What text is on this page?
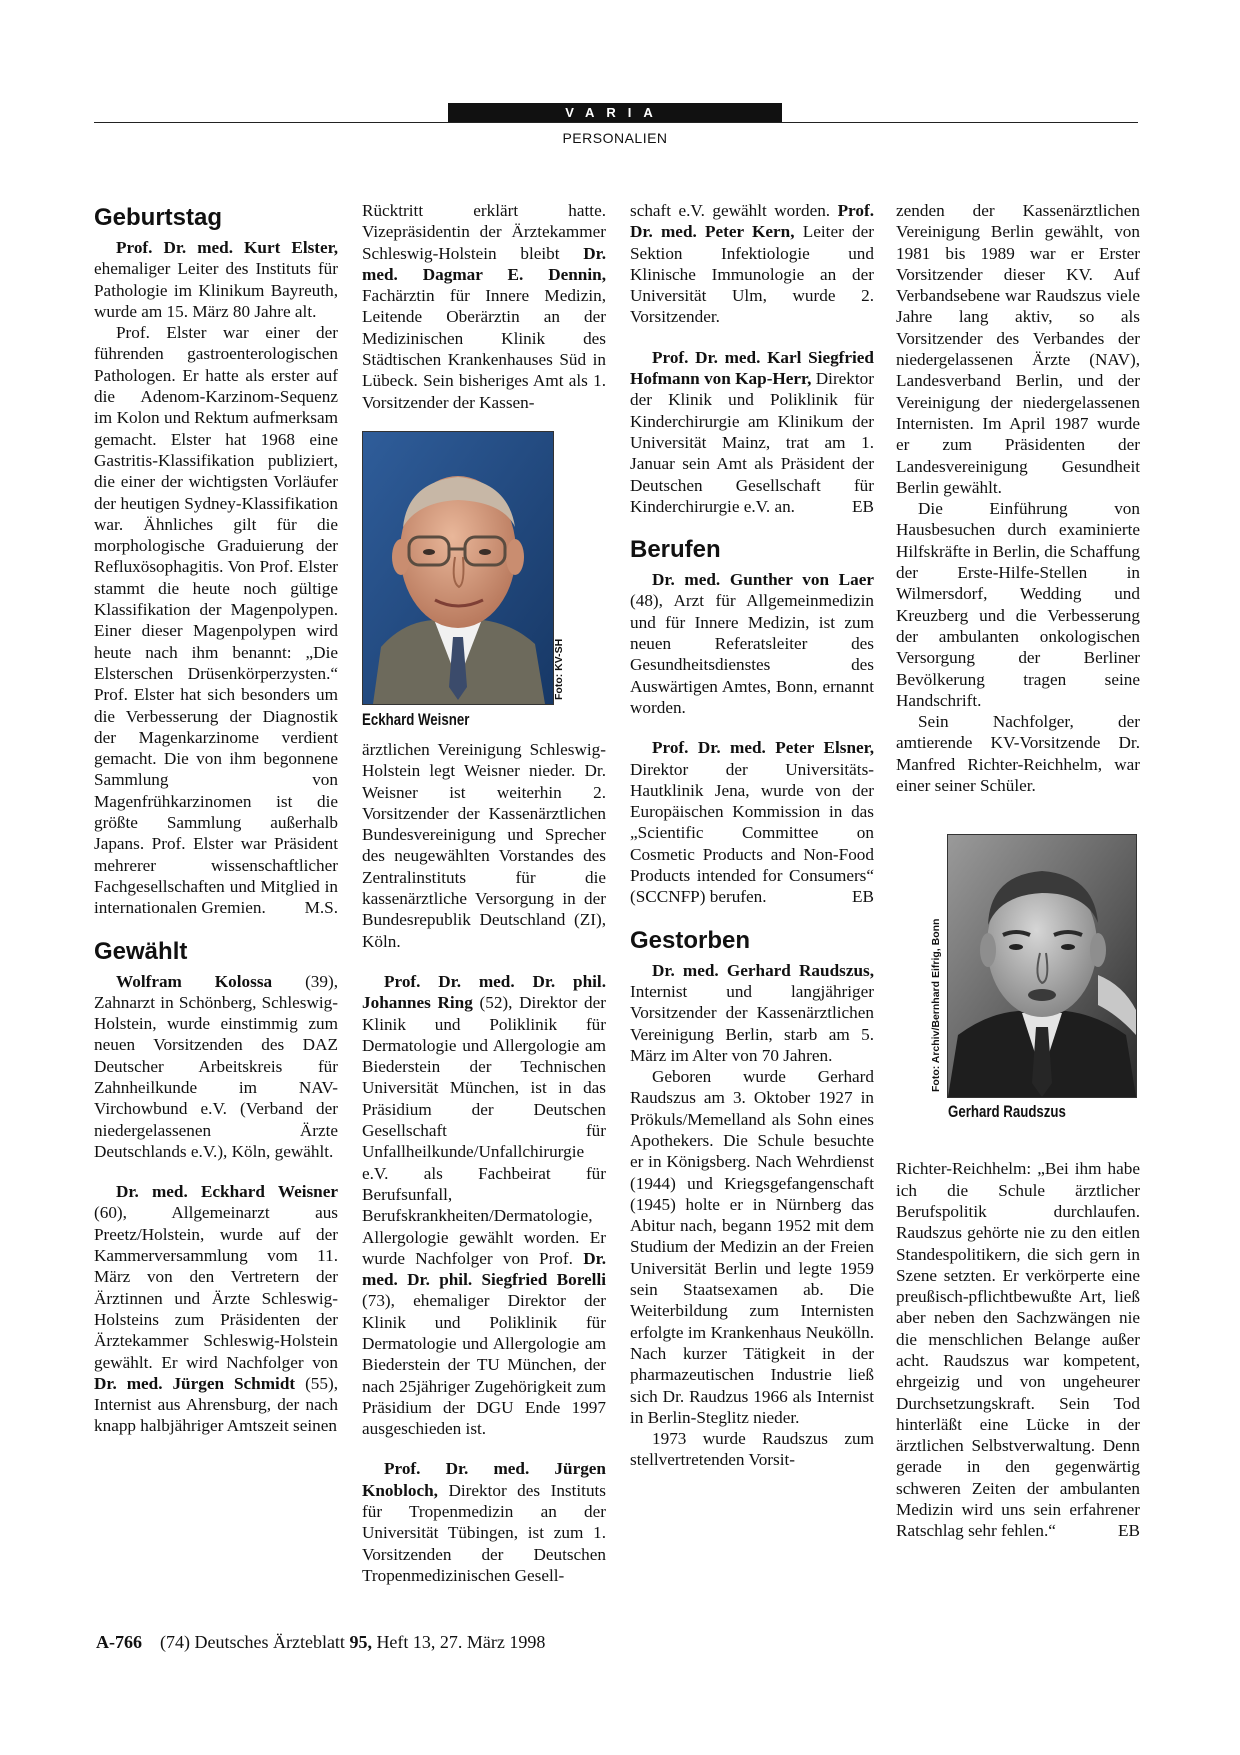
VARIA
PERSONALIEN
Geburtstag

Prof. Dr. med. Kurt Elster, ehemaliger Leiter des Instituts für Pathologie im Klinikum Bayreuth, wurde am 15. März 80 Jahre alt.

Prof. Elster war einer der führenden gastroenterologischen Pathologen. Er hatte als erster auf die Adenom-Karzinom-Sequenz im Kolon und Rektum aufmerksam gemacht. Elster hat 1968 eine Gastritis-Klassifikation publiziert, die einer der wichtigsten Vorläufer der heutigen Sydney-Klassifikation war. Ähnliches gilt für die morphologische Graduierung der Refluxösophagitis. Von Prof. Elster stammt die heute noch gültige Klassifikation der Magenpolypen. Einer dieser Magenpolypen wird heute nach ihm benannt: „Die Elsterschen Drüsenkörperzysten.“ Prof. Elster hat sich besonders um die Verbesserung der Diagnostik der Magenkarzinome verdient gemacht. Die von ihm begonnene Sammlung von Magenfrühkarzinomen ist die größte Sammlung außerhalb Japans. Prof. Elster war Präsident mehrerer wissenschaftlicher Fachgesellschaften und Mitglied in internationalen Gremien.	M.S.

Gewählt

Wolfram Kolossa (39), Zahnarzt in Schönberg, Schleswig-Holstein, wurde einstimmig zum neuen Vorsitzenden des DAZ Deutscher Arbeitskreis für Zahnheilkunde im NAV-Virchowbund e.V. (Verband der niedergelassenen Ärzte Deutschlands e.V.), Köln, gewählt.

Dr. med. Eckhard Weisner (60), Allgemeinarzt aus Preetz/Holstein, wurde auf der Kammerversammlung vom 11. März von den Vertretern der Ärztinnen und Ärzte Schleswig-Holsteins zum Präsidenten der Ärztekammer Schleswig-Holstein gewählt. Er wird Nachfolger von Dr. med. Jürgen Schmidt (55), Internist aus Ahrensburg, der nach knapp halbjähriger Amtszeit seinen

Rücktritt erklärt hatte. Vizepräsidentin der Ärztekammer Schleswig-Holstein bleibt Dr. med. Dagmar E. Dennin, Fachärztin für Innere Medizin, Leitende Oberärztin an der Medizinischen Klinik des Städtischen Krankenhauses Süd in Lübeck. Sein bisheriges Amt als 1. Vorsitzender der Kassen-

ärztlichen Vereinigung Schleswig-Holstein legt Weisner nieder. Dr. Weisner ist weiterhin 2. Vorsitzender der Kassenärztlichen Bundesvereinigung und Sprecher des neugewählten Vorstandes des Zentralinstituts für die kassenärztliche Versorgung in der Bundesrepublik Deutschland (ZI), Köln.

Prof. Dr. med. Dr. phil. Johannes Ring (52), Direktor der Klinik und Poliklinik für Dermatologie und Allergologie am Biederstein der Technischen Universität München, ist in das Präsidium der Deutschen Gesellschaft für Unfallheilkunde/Unfallchirurgie e.V. als Fachbeirat für Berufsunfall, Berufskrankheiten/Dermatologie, Allergologie gewählt worden. Er wurde Nachfolger von Prof. Dr. med. Dr. phil. Siegfried Borelli (73), ehemaliger Direktor der Klinik und Poliklinik für Dermatologie und Allergologie am Biederstein der TU München, der nach 25jähriger Zugehörigkeit zum Präsidium der DGU Ende 1997 ausgeschieden ist.

Prof. Dr. med. Jürgen Knobloch, Direktor des Instituts für Tropenmedizin an der Universität Tübingen, ist zum 1. Vorsitzenden der Deutschen Tropenmedizinischen Gesell-

Foto: KV-SH
Eckhard Weisner

schaft e.V. gewählt worden. Prof. Dr. med. Peter Kern, Leiter der Sektion Infektiologie und Klinische Immunologie an der Universität Ulm, wurde 2. Vorsitzender.

Prof. Dr. med. Karl Siegfried Hofmann von Kap-Herr, Direktor der Klinik und Poliklinik für Kinderchirurgie am Klinikum der Universität Mainz, trat am 1. Januar sein Amt als Präsident der Deutschen Gesellschaft für Kinderchirurgie e.V. an.	EB

Berufen

Dr. med. Gunther von Laer (48), Arzt für Allgemeinmedizin und für Innere Medizin, ist zum neuen Referatsleiter des Gesundheitsdienstes des Auswärtigen Amtes, Bonn, ernannt worden.

Prof. Dr. med. Peter Elsner, Direktor der Universitäts-Hautklinik Jena, wurde von der Europäischen Kommission in das „Scientific Committee on Cosmetic Products and Non-Food Products intended for Consumers“ (SCCNFP) berufen.	EB

Gestorben

Dr. med. Gerhard Raudszus, Internist und langjähriger Vorsitzender der Kassenärztlichen Vereinigung Berlin, starb am 5. März im Alter von 70 Jahren.

Geboren wurde Gerhard Raudszus am 3. Oktober 1927 in Prökuls/Memelland als Sohn eines Apothekers. Die Schule besuchte er in Königsberg. Nach Wehrdienst (1944) und Kriegsgefangenschaft (1945) holte er in Nürnberg das Abitur nach, begann 1952 mit dem Studium der Medizin an der Freien Universität Berlin und legte 1959 sein Staatsexamen ab. Die Weiterbildung zum Internisten erfolgte im Krankenhaus Neukölln. Nach kurzer Tätigkeit in der pharmazeutischen Industrie ließ sich Dr. Raudzus 1966 als Internist in Berlin-Steglitz nieder.

1973 wurde Raudszus zum stellvertretenden Vorsit-

zenden der Kassenärztlichen Vereinigung Berlin gewählt, von 1981 bis 1989 war er Erster Vorsitzender dieser KV. Auf Verbandsebene war Raudszus viele Jahre lang aktiv, so als Vorsitzender des Verbandes der niedergelassenen Ärzte (NAV), Landesverband Berlin, und der Vereinigung der niedergelassenen Internisten. Im April 1987 wurde er zum Präsidenten der Landesvereinigung Gesundheit Berlin gewählt.

Die Einführung von Hausbesuchen durch examinierte Hilfskräfte in Berlin, die Schaffung der Erste-Hilfe-Stellen in Wilmersdorf, Wedding und Kreuzberg und die Verbesserung der ambulanten onkologischen Versorgung der Berliner Bevölkerung tragen seine Handschrift.

Sein Nachfolger, der amtierende KV-Vorsitzende Dr. Manfred Richter-Reichhelm, war einer seiner Schüler.

Richter-Reichhelm: „Bei ihm habe ich die Schule ärztlicher Berufspolitik durchlaufen. Raudszus gehörte nie zu den eitlen Standespolitikern, die sich gern in Szene setzten. Er verkörperte eine preußisch-pflichtbewußte Art, ließ aber neben den Sachzwängen nie die menschlichen Belange außer acht. Raudszus war kompetent, ehrgeizig und von ungeheurer Durchsetzungskraft. Sein Tod hinterläßt eine Lücke in der ärztlichen Selbstverwaltung. Denn gerade in den gegenwärtig schweren Zeiten der ambulanten Medizin wird uns sein erfahrener Ratschlag sehr fehlen.“	EB

Foto: Archiv/Bernhard Eifrig, Bonn
Gerhard Raudszus
A-766 (74) Deutsches Ärzteblatt 95, Heft 13, 27. März 1998
